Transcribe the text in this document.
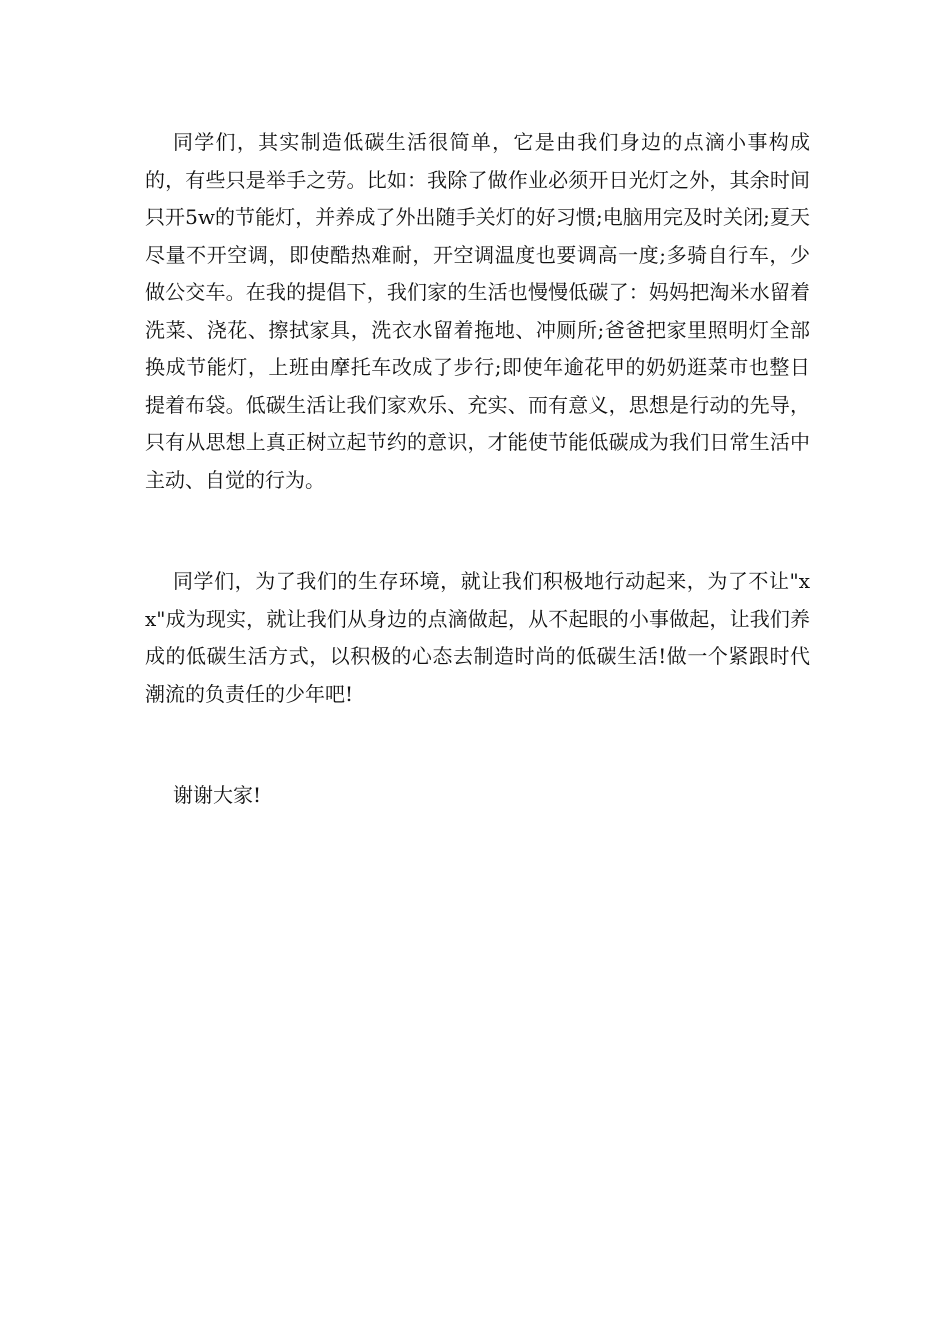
同学们，其实制造低碳生活很简单，它是由我们身边的点滴小事构成的，有些只是举手之劳。比如：我除了做作业必须开日光灯之外，其余时间只开5w的节能灯，并养成了外出随手关灯的好习惯;电脑用完及时关闭;夏天尽量不开空调，即使酷热难耐，开空调温度也要调高一度;多骑自行车，少做公交车。在我的提倡下，我们家的生活也慢慢低碳了：妈妈把淘米水留着洗菜、浇花、擦拭家具，洗衣水留着拖地、冲厕所;爸爸把家里照明灯全部换成节能灯，上班由摩托车改成了步行;即使年逾花甲的奶奶逛菜市也整日提着布袋。低碳生活让我们家欢乐、充实、而有意义，思想是行动的先导，只有从思想上真正树立起节约的意识，才能使节能低碳成为我们日常生活中主动、自觉的行为。

同学们，为了我们的生存环境，就让我们积极地行动起来，为了不让"xx"成为现实，就让我们从身边的点滴做起，从不起眼的小事做起，让我们养成的低碳生活方式，以积极的心态去制造时尚的低碳生活!做一个紧跟时代潮流的负责任的少年吧!

谢谢大家!
